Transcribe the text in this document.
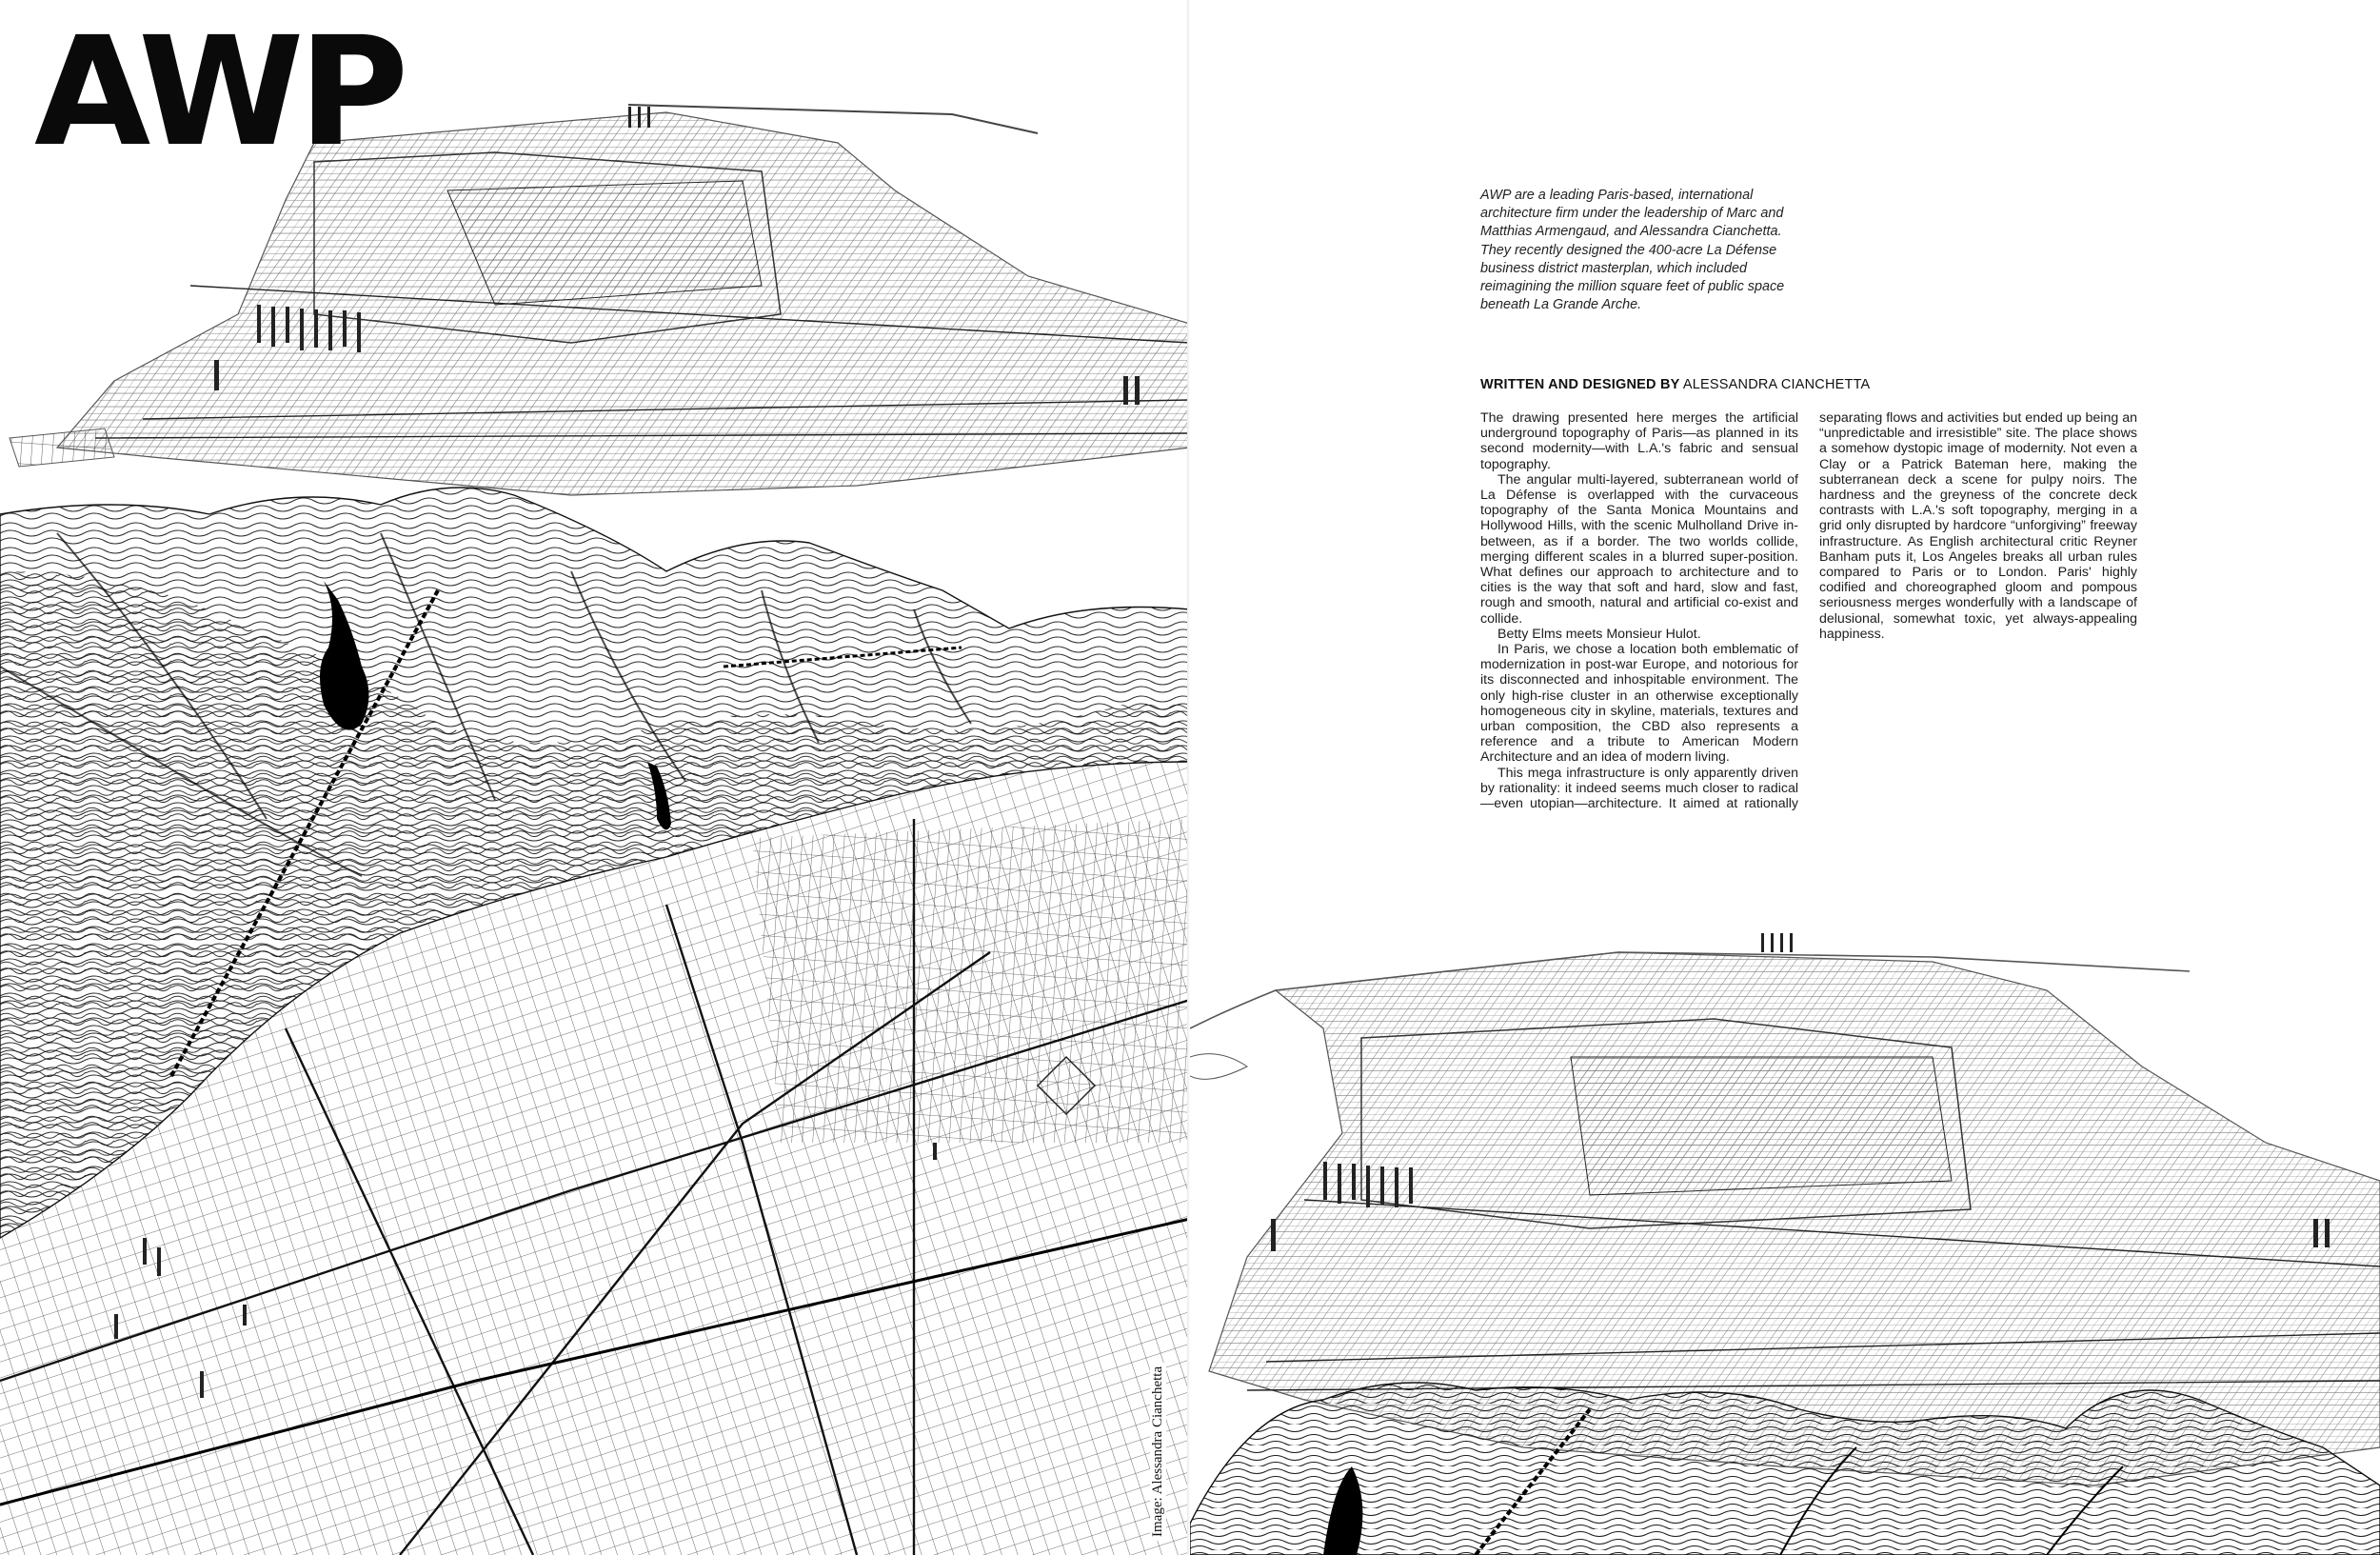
AWP
Image: Alessandra Cianchetta
AWP are a leading Paris-based, international architecture firm under the leadership of Marc and Matthias Armengaud, and Alessandra Cianchetta. They recently designed the 400-acre La Défense business district masterplan, which included reimagining the million square feet of public space beneath La Grande Arche.
WRITTEN AND DESIGNED BY ALESSANDRA CIANCHETTA

The drawing presented here merges the artificial underground topography of Paris—as planned in its second modernity—with L.A.'s fabric and sensual topography.

The angular multi-layered, subterranean world of La Défense is overlapped with the curvaceous topography of the Santa Monica Mountains and Hollywood Hills, with the scenic Mulholland Drive in-between, as if a border. The two worlds collide, merging different scales in a blurred super-position. What defines our approach to architecture and to cities is the way that soft and hard, slow and fast, rough and smooth, natural and artificial co-exist and collide.

Betty Elms meets Monsieur Hulot.

In Paris, we chose a location both emblematic of modernization in post-war Europe, and notorious for its disconnected and inhospitable environment. The only high-rise cluster in an otherwise exceptionally homogeneous city in skyline, materials, textures and urban composition, the CBD also represents a reference and a tribute to American Modern Architecture and an idea of modern living.

This mega infrastructure is only apparently driven by rationality: it indeed seems much closer to radical—even utopian—architecture. It aimed at rationally separating flows and activities but ended up being an “unpredictable and irresistible” site. The place shows a somehow dystopic image of modernity. Not even a Clay or a Patrick Bateman here, making the subterranean deck a scene for pulpy noirs. The hardness and the greyness of the concrete deck contrasts with L.A.'s soft topography, merging in a grid only disrupted by hardcore “unforgiving” freeway infrastructure. As English architectural critic Reyner Banham puts it, Los Angeles breaks all urban rules compared to Paris or to London. Paris' highly codified and choreographed gloom and pompous seriousness merges wonderfully with a landscape of delusional, somewhat toxic, yet always-appealing happiness.
